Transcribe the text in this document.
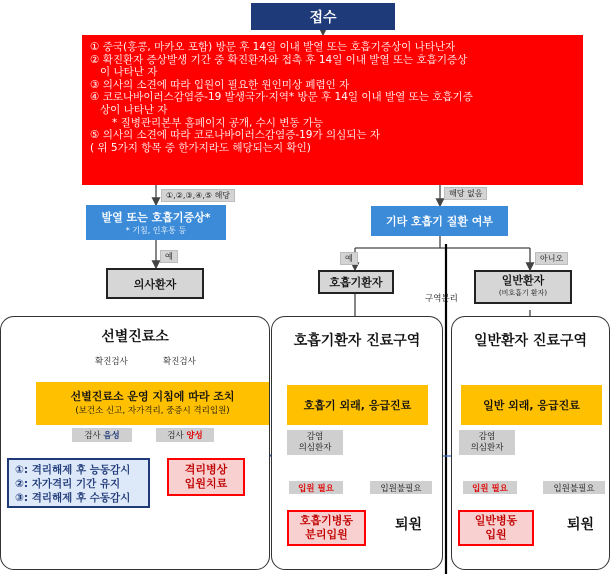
접수
① 중국(홍콩, 마카오 포함) 방문 후 14일 이내 발열 또는 호흡기증상이 나타난자
② 확진환자 증상발생 기간 중 확진환자와 접촉 후 14일 이내 발열 또는 호흡기증상
이 나타난 자
③ 의사의 소견에 따라 입원이 필요한 원인미상 폐렴인 자
④ 코로나바이러스감염증-19 발생국가·지역* 방문 후 14일 이내 발열 또는 호흡기증
상이 나타난 자
* 질병관리본부 홈페이지 공개, 수시 변동 가능
⑤ 의사의 소견에 따라 코로나바이러스감염증-19가 의심되는 자
( 위 5가지 항목 중 한가지라도 해당되는지 확인)
①,②,③,④,⑤ 해당	해당 없음
발열 또는 호흡기증상*
* 기침, 인후통 등
기타 호흡기 질환 여부
예	예	아니오
의사환자	호흡기환자	일반환자
(비호흡기 환자)
구역분리
선별진료소
확진검사	확진검사
선별진료소 운영 지침에 따라 조치
(보건소 신고, 자가격리, 중증시 격리입원)
검사
음성	검사
양성
①: 격리해제 후 능동감시
②: 자가격리 기간 유지
③: 격리해제 후 수동감시
격리병상
입원치료
호흡기환자 진료구역
호흡기 외래, 응급진료
감염
의심환자
입원 필요	입원불필요
호흡기병동
분리입원
퇴원
일반환자 진료구역
일반 외래, 응급진료
감염
의심환자
입원 필요	입원불필요
일반병동
입원
퇴원
